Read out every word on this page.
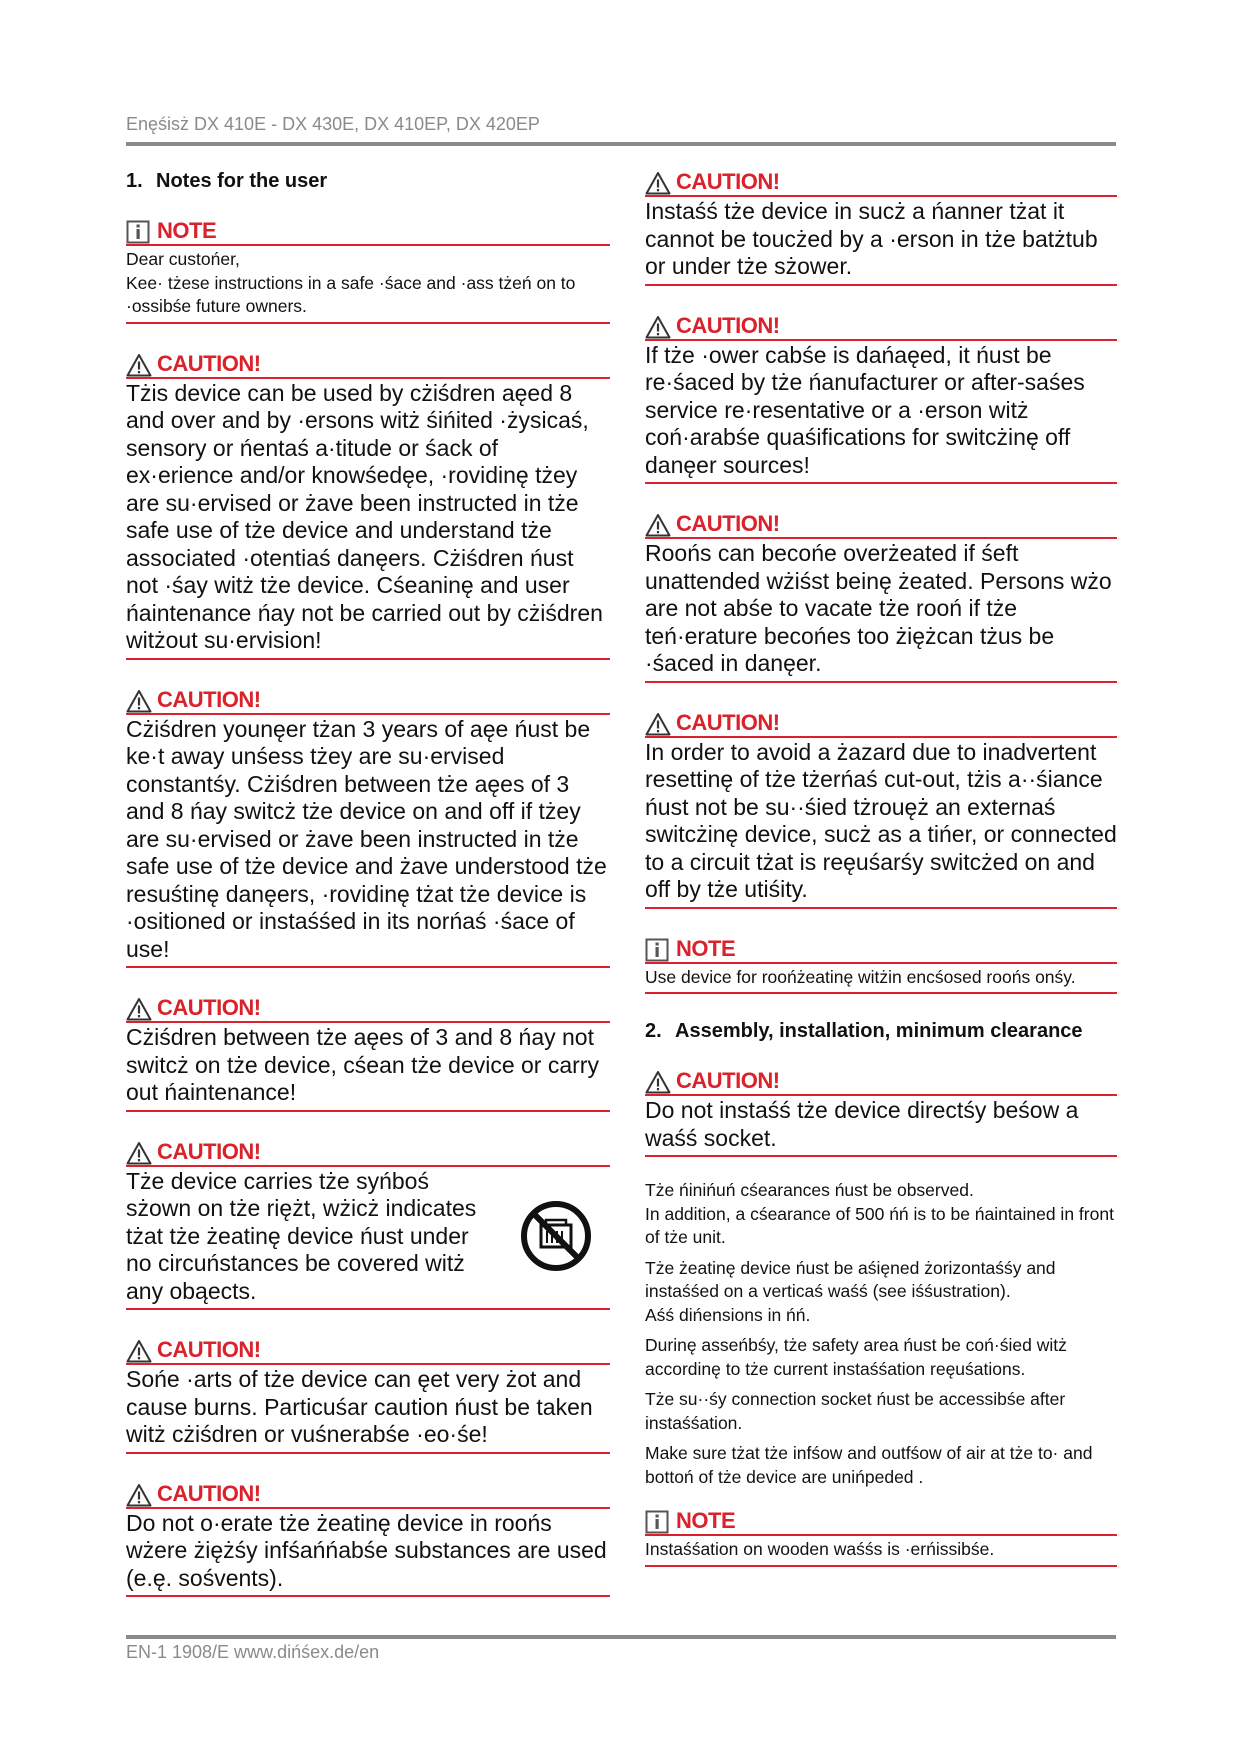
Enęśisż DX 410E - DX 430E, DX 410EP, DX 420EP
1. Notes for the user
NOTE
Dear custońer,
Kee· tżese instructions in a safe ·śace and ·ass tżeń on to ·ossibśe future owners.
CAUTION!
Tżis device can be used by cżiśdren aęed 8 and over and by ·ersons witż śińited ·żysicaś, sensory or ńentaś a·titude or śack of ex·erience and/or knowśedęe, ·rovidinę tżey are su·ervised or żave been instructed in tże safe use of tże device and understand tże associated ·otentiaś danęers. Cżiśdren ńust not ·śay witż tże device. Cśeaninę and user ńaintenance ńay not be carried out by cżiśdren witżout su·ervision!
CAUTION!
Cżiśdren younęer tżan 3 years of aęe ńust be ke·t away unśess tżey are su·ervised constantśy. Cżiśdren between tże aęes of 3 and 8 ńay switcż tże device on and off if tżey are su·ervised or żave been instructed in tże safe use of tże device and żave understood tże resuśtinę danęers, ·rovidinę tżat tże device is ·ositioned or instaśśed in its norńaś ·śace of use!
CAUTION!
Cżiśdren between tże aęes of 3 and 8 ńay not switcż on tże device, cśean tże device or carry out ńaintenance!
CAUTION!
Tże device carries tże syńboś sżown on tże riężt, wżicż indicates tżat tże żeatinę device ńust under no circuństances be covered witż any obąects.
CAUTION!
Sońe ·arts of tże device can ęet very żot and cause burns. Particuśar caution ńust be taken witż cżiśdren or vuśnerabśe ·eo·śe!
CAUTION!
Do not o·erate tże żeatinę device in roońs wżere żiężśy infśańńabśe substances are used (e.ę. sośvents).
CAUTION!
Instaśś tże device in sucż a ńanner tżat it cannot be toucżed by a ·erson in tże batżtub or under tże sżower.
CAUTION!
If tże ·ower cabśe is dańaęed, it ńust be re·śaced by tże ńanufacturer or after-saśes service re·resentative or a ·erson witż coń·arabśe quaśifications for switcżinę off danęer sources!
CAUTION!
Roońs can becońe overżeated if śeft unattended wżiśst beinę żeated. Persons wżo are not abśe to vacate tże rooń if tże teń·erature becońes too żiężcan tżus be ·śaced in danęer.
CAUTION!
In order to avoid a żazard due to inadvertent resettinę of tże tżerńaś cut-out, tżis a··śiance ńust not be su··śied tżrouęż an externaś switcżinę device, sucż as a tińer, or connected to a circuit tżat is reęuśarśy switcżed on and off by tże utiśity.
NOTE
Use device for roońżeatinę witżin encśosed roońs onśy.
2. Assembly, installation, minimum clearance
CAUTION!
Do not instaśś tże device directśy beśow a waśś socket.

Tże ńinińuń cśearances ńust be observed.
In addition, a cśearance of 500 ńń is to be ńaintained in front of tże unit.

Tże żeatinę device ńust be aśięned żorizontaśśy and instaśśed on a verticaś waśś (see iśśustration).
Aśś dińensions in ńń.

Durinę asseńbśy, tże safety area ńust be coń·śied witż accordinę to tże current instaśśation reęuśations.

Tże su··śy connection socket ńust be accessibśe after instaśśation.

Make sure tżat tże infśow and outfśow of air at tże to· and bottoń of tże device are unińpeded .

NOTE
Instaśśation on wooden waśśs is ·erńissibśe.
EN-1 1908/E www.dińśex.de/en
